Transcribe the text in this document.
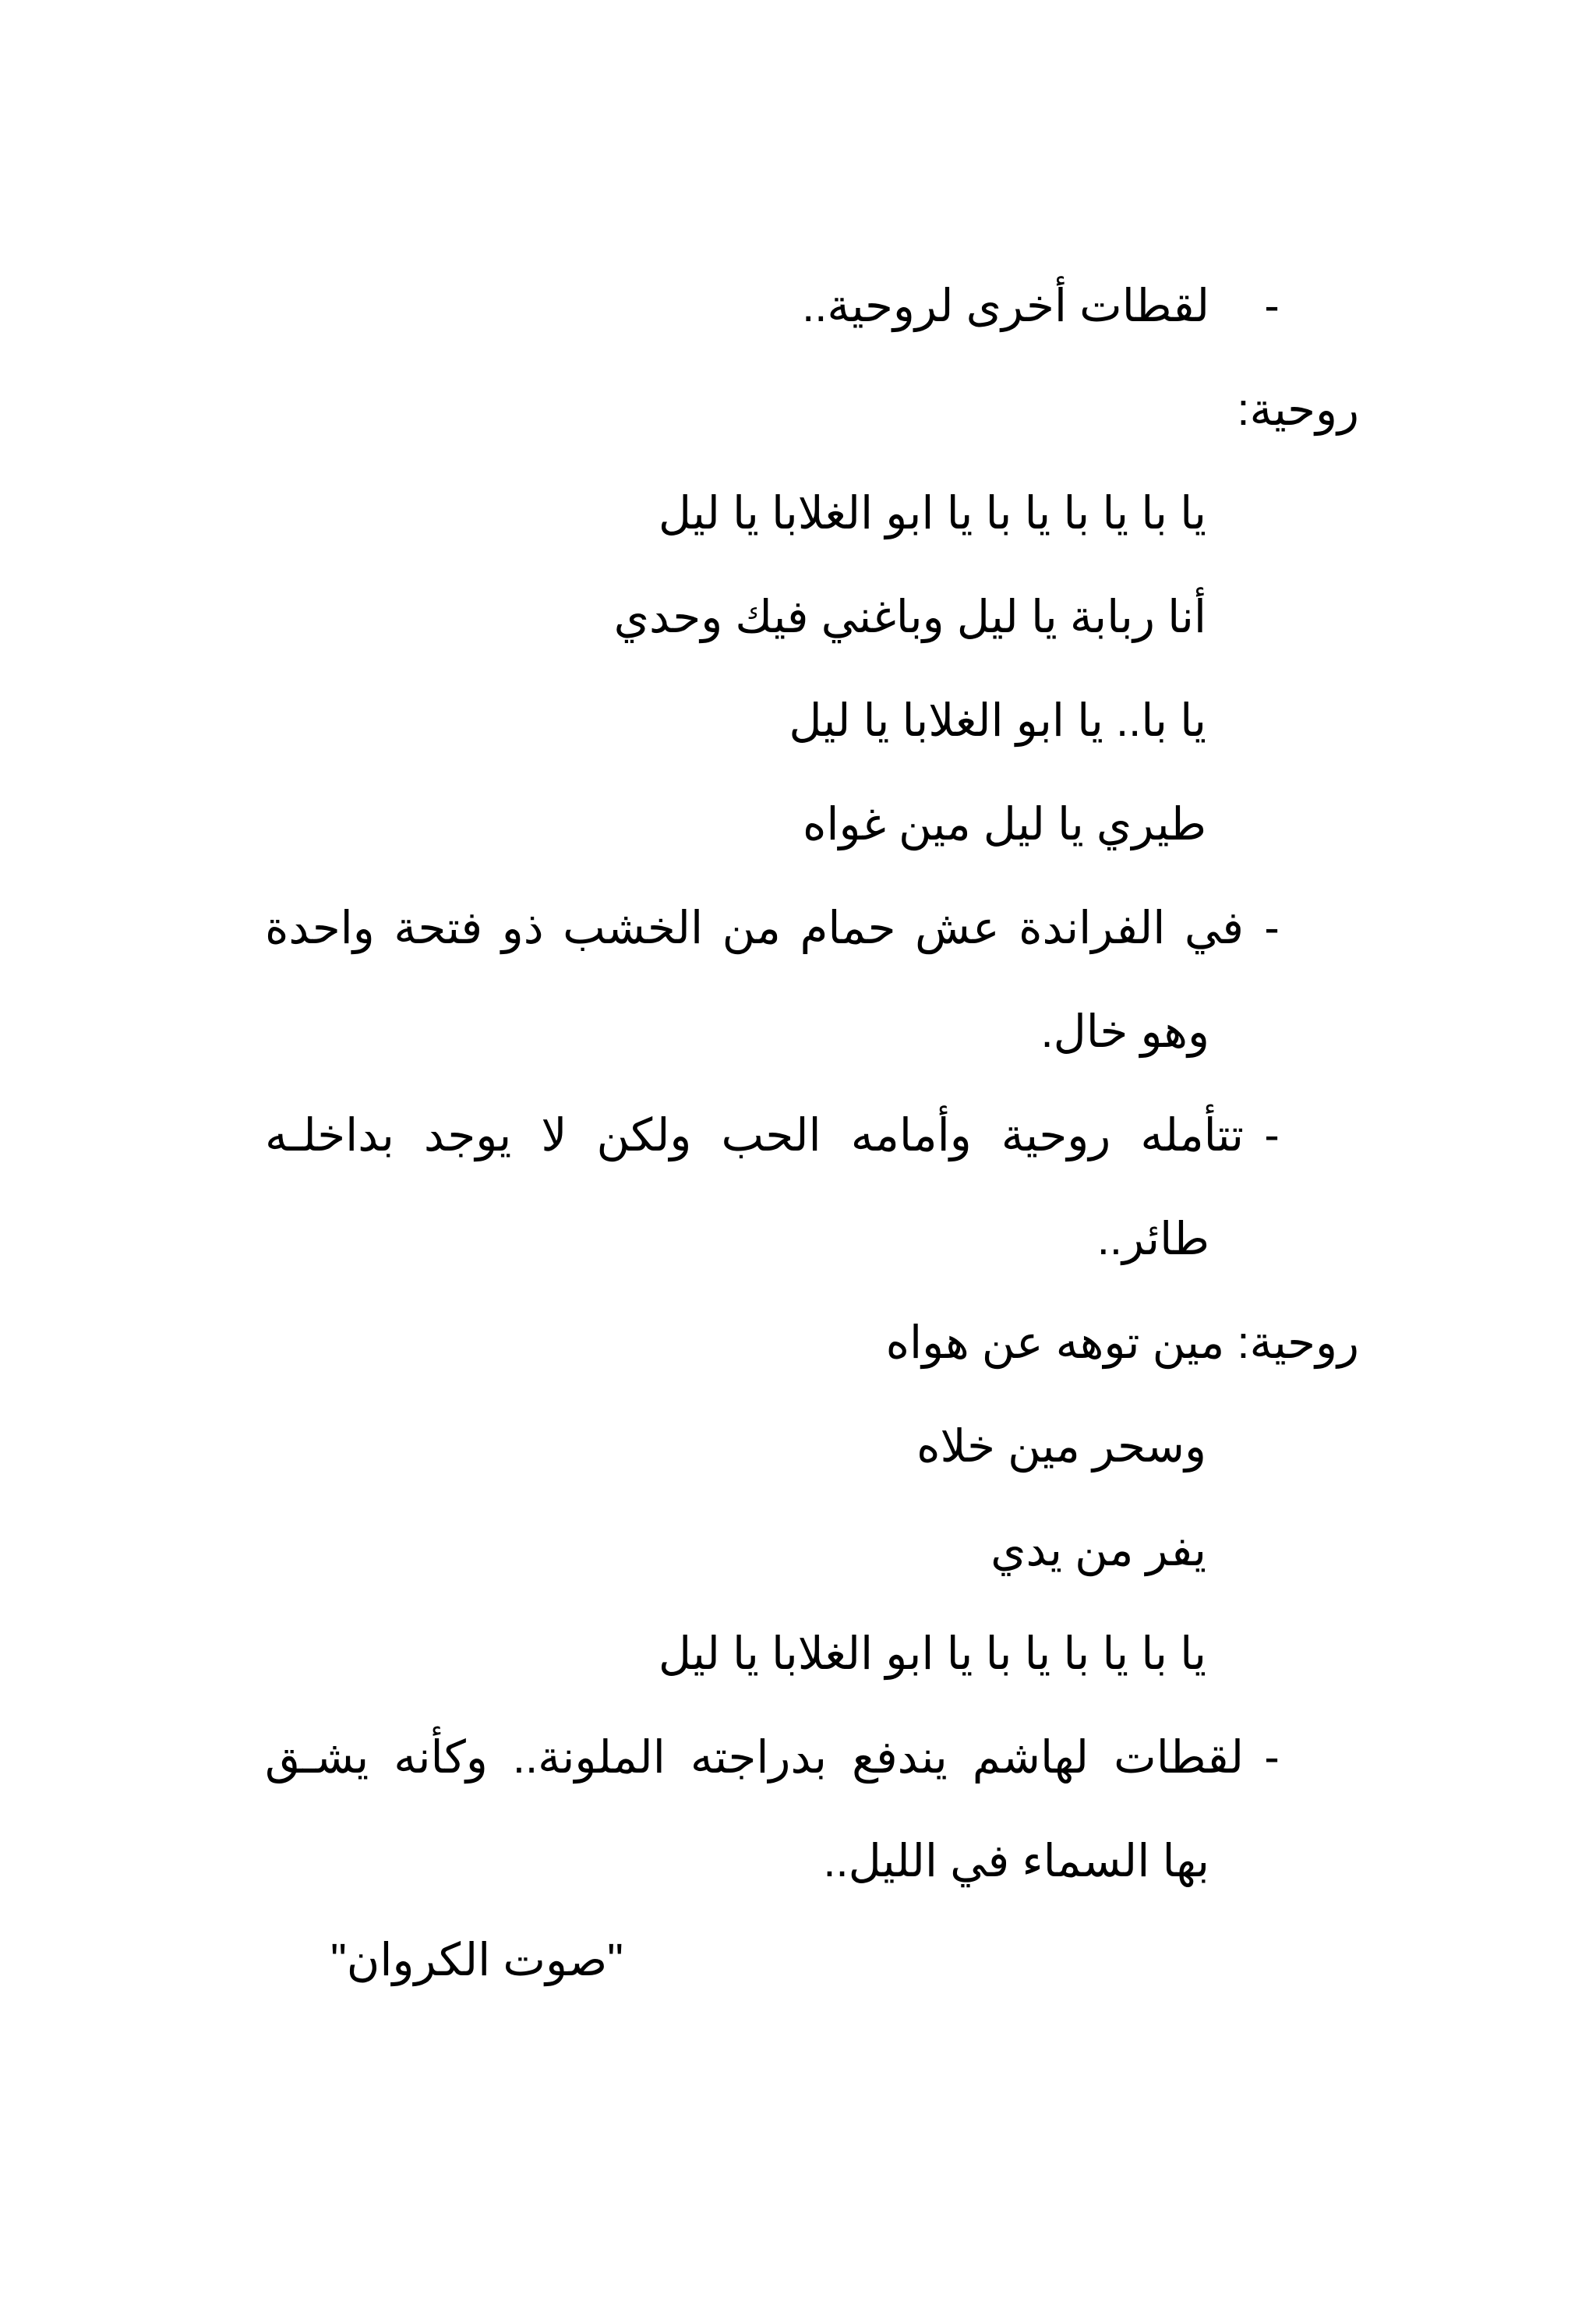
-
لقطات أخرى لروحية..
روحية:
يا با يا با يا با يا ابو الغلابا يا ليل
أنا ربابة يا ليل وباغني فيك وحدي
يا با.. يا ابو الغلابا يا ليل
طيري يا ليل مين غواه
-
في الفراندة عش حمام من الخشب ذو فتحة واحدة
وهو خال.
-
تتأمله روحية وأمامه الحب ولكن لا يوجد بداخلـه
طائر..
روحية: مين توهه عن هواه
وسحر مين خلاه
يفر من يدي
يا با يا با يا با يا ابو الغلابا يا ليل
-
لقطات لهاشم يندفع بدراجته الملونة.. وكأنه يشـق
بها السماء في الليل..
"صوت الكروان"
